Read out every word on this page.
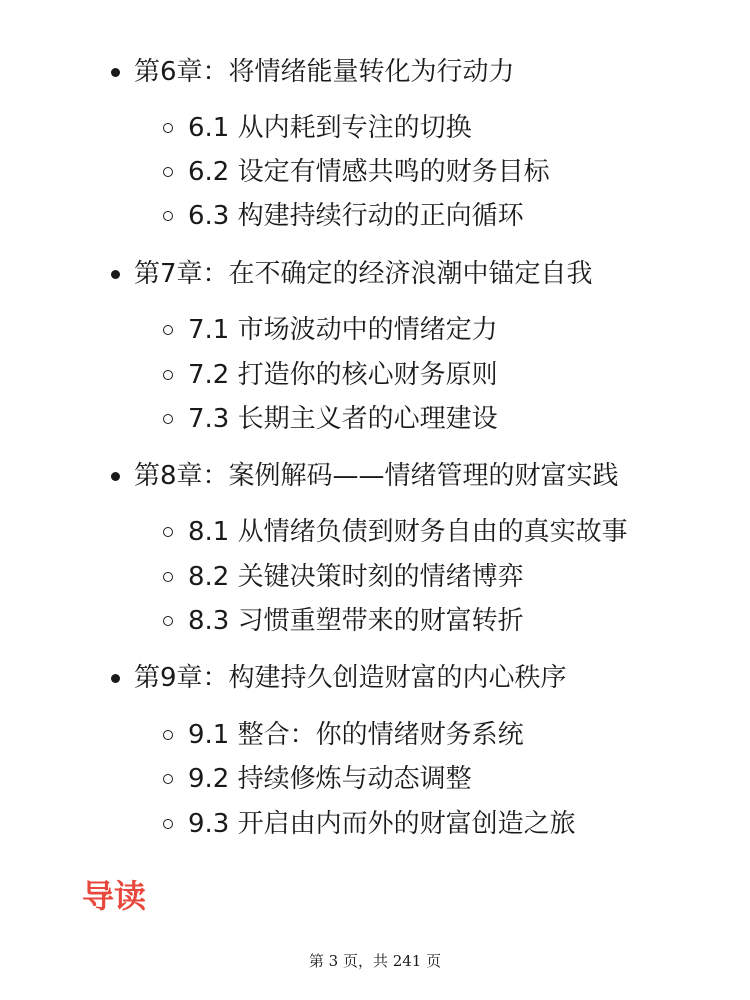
第6章：将情绪能量转化为行动力
6.1 从内耗到专注的切换
6.2 设定有情感共鸣的财务目标
6.3 构建持续行动的正向循环
第7章：在不确定的经济浪潮中锚定自我
7.1 市场波动中的情绪定力
7.2 打造你的核心财务原则
7.3 长期主义者的心理建设
第8章：案例解码——情绪管理的财富实践
8.1 从情绪负债到财务自由的真实故事
8.2 关键决策时刻的情绪博弈
8.3 习惯重塑带来的财富转折
第9章：构建持久创造财富的内心秩序
9.1 整合：你的情绪财务系统
9.2 持续修炼与动态调整
9.3 开启由内而外的财富创造之旅
导读
第 3 页，共 241 页
